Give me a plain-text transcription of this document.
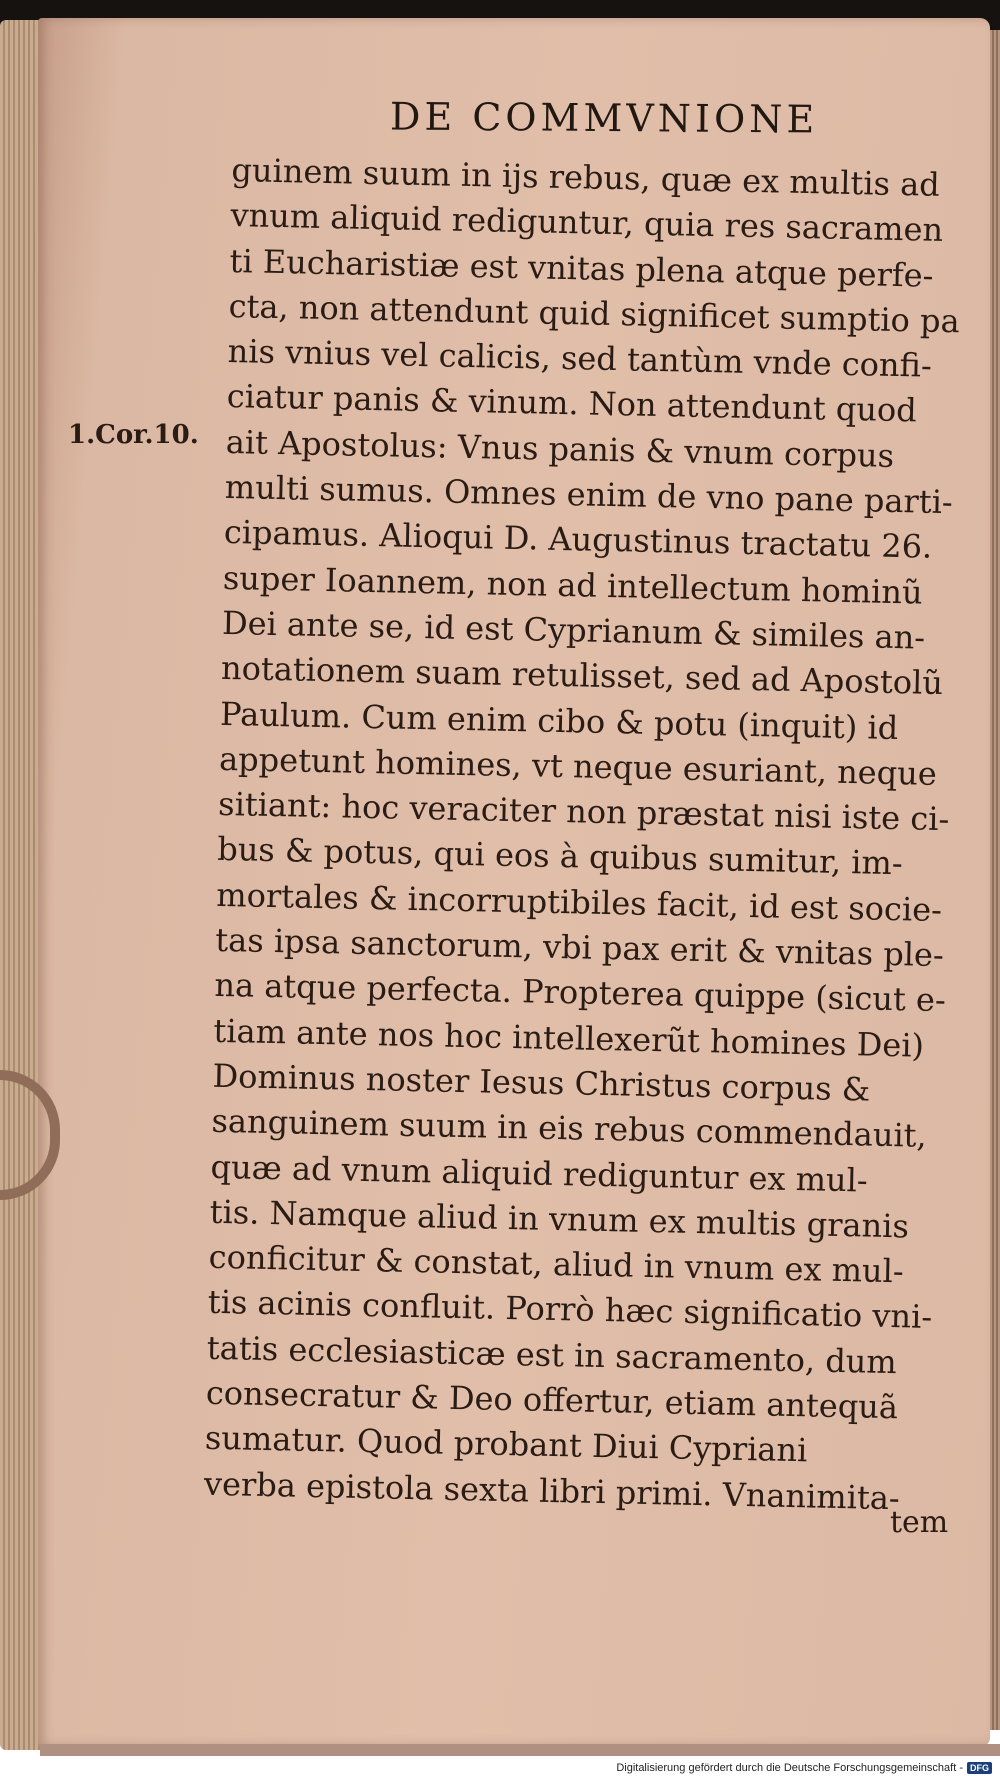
DE COMMVNIONE
1.Cor.10.
guinem suum in ijs rebus, quæ ex multis ad
vnum aliquid rediguntur, quia res sacramen
ti Eucharistiæ est vnitas plena atque perfe-
cta, non attendunt quid significet sumptio pa
nis vnius vel calicis, sed tantùm vnde confi-
ciatur panis & vinum. Non attendunt quod
ait Apostolus: Vnus panis & vnum corpus
multi sumus. Omnes enim de vno pane parti-
cipamus. Alioqui D. Augustinus tractatu 26.
super Ioannem, non ad intellectum hominũ
Dei ante se, id est Cyprianum & similes an-
notationem suam retulisset, sed ad Apostolũ
Paulum. Cum enim cibo & potu (inquit) id
appetunt homines, vt neque esuriant, neque
sitiant: hoc veraciter non præstat nisi iste ci-
bus & potus, qui eos à quibus sumitur, im-
mortales & incorruptibiles facit, id est socie-
tas ipsa sanctorum, vbi pax erit & vnitas ple-
na atque perfecta. Propterea quippe (sicut e-
tiam ante nos hoc intellexerũt homines Dei)
Dominus noster Iesus Christus corpus &
sanguinem suum in eis rebus commendauit,
quæ ad vnum aliquid rediguntur ex mul-
tis. Namque aliud in vnum ex multis granis
conficitur & constat, aliud in vnum ex mul-
tis acinis confluit. Porrò hæc significatio vni-
tatis ecclesiasticæ est in sacramento, dum
consecratur & Deo offertur, etiam antequã
sumatur. Quod probant Diui Cypriani
verba epistola sexta libri primi. Vnanimita-
tem
Digitalisierung gefördert durch die Deutsche Forschungsgemeinschaft - DFG
